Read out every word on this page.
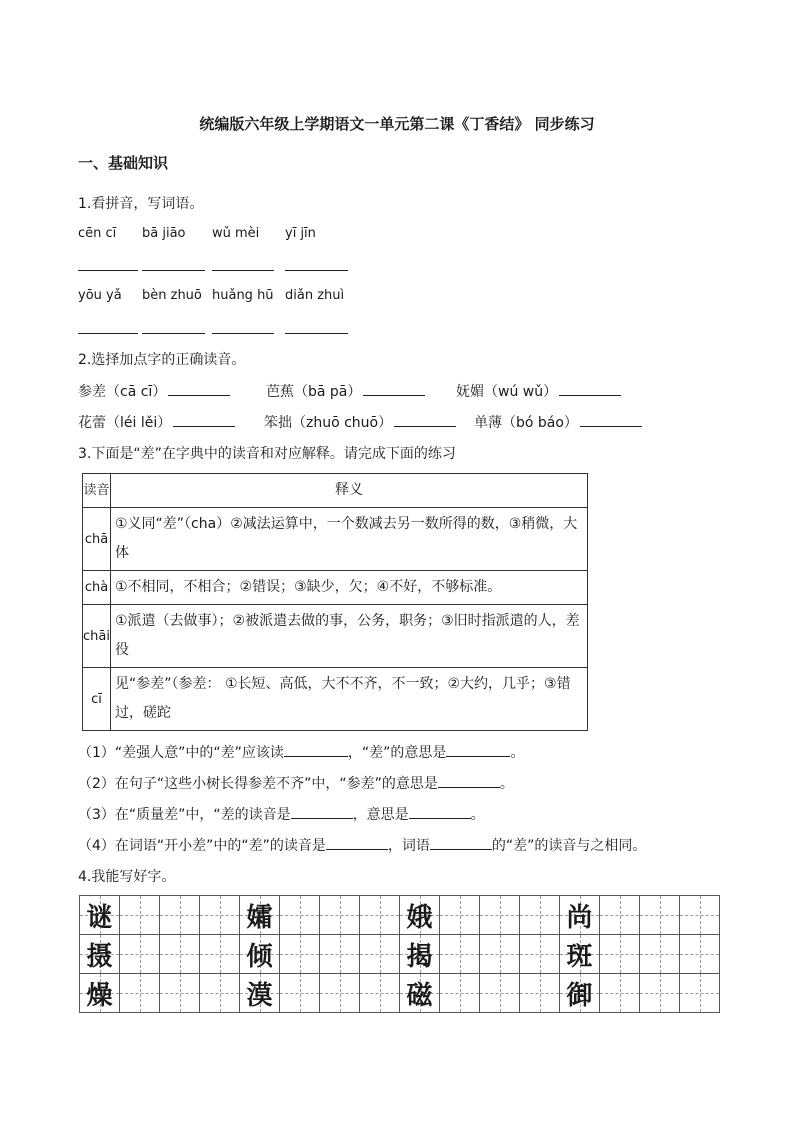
统编版六年级上学期语文一单元第二课《丁香结》 同步练习
一、基础知识
1.看拼音，写词语。
cēn cī bā jiāo wǔ mèi yī jīn
yōu yǎ bèn zhuō huǎng hū diǎn zhuì
2.选择加点字的正确读音。
参差（cā cī）	芭蕉（bā pā）	妩媚（wú wǔ）
花蕾（léi lěi）	笨拙（zhuō chuō）	单薄（bó báo）
3.下面是“差”在字典中的读音和对应解释。请完成下面的练习
读音	释义
chā	①义同“差”（cha）②减法运算中，一个数减去另一数所得的数，③稍微，大体
chà	①不相同，不相合；②错误；③缺少，欠；④不好，不够标准。
chāi	①派遣（去做事）；②被派遣去做的事，公务，职务；③旧时指派遣的人，差役
cī	见“参差”（参差： ①长短、高低，大不不齐，不一致；②大约，几乎；③错过，磋跎
（1）“差强人意”中的“差”应该读	，“差”的意思是	。
（2）在句子“这些小树长得参差不齐”中，“参差”的意思是	。
（3）在“质量差”中，“差的读音是	，意思是	。
（4）在词语“开小差”中的“差”的读音是	，词语	的“差”的读音与之相同。
4.我能写好字。
谜	孀	娥	尚
摄	倾	揭	斑
燥	漠	磁	御
